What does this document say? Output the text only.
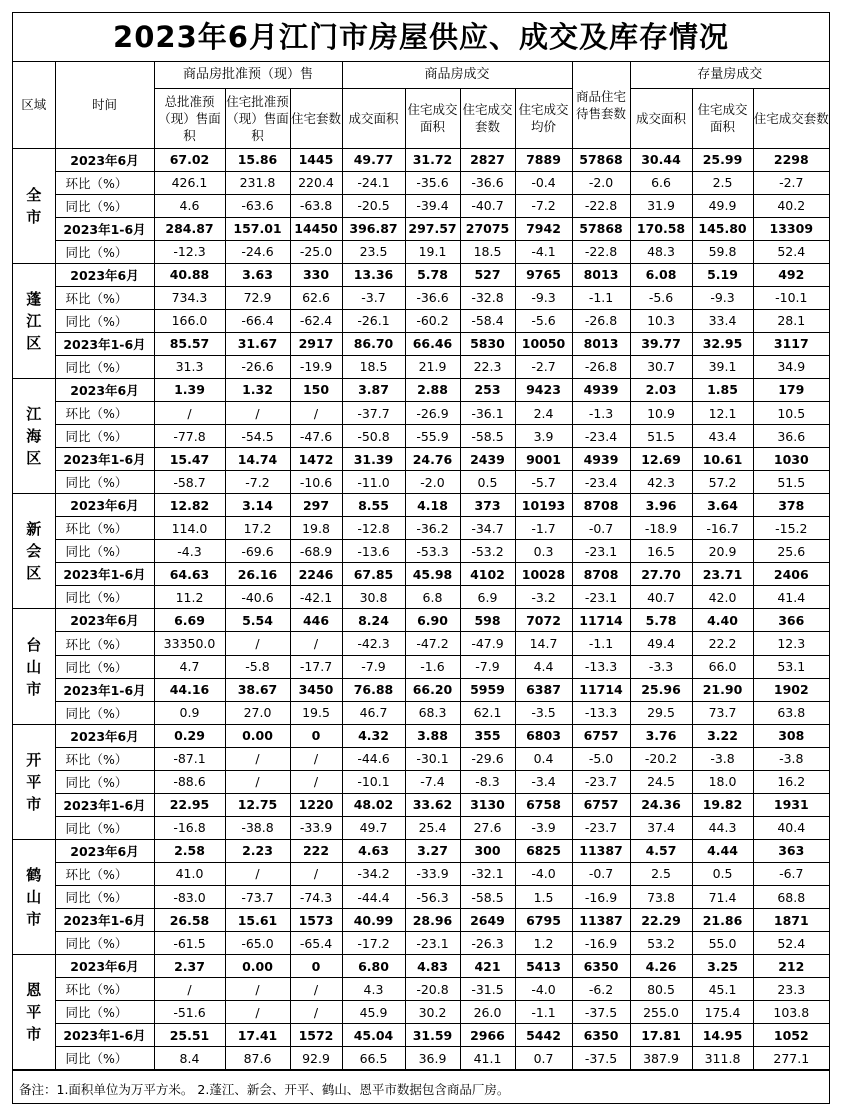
2023年6月江门市房屋供应、成交及库存情况
区域	时间	商品房批准预（现）售			商品房成交				商品住宅待售套数	存量房成交		
		总批准预（现）售面积	住宅批准预（现）售面积	住宅套数	成交面积	住宅成交面积	住宅成交套数	住宅成交均价		成交面积	住宅成交面积	住宅成交套数

全
市	2023年6月	67.02	15.86	1445	49.77	31.72	2827	7889	57868	30.44	25.99	2298
	环比（%）	426.1	231.8	220.4	-24.1	-35.6	-36.6	-0.4	-2.0	6.6	2.5	-2.7
	同比（%）	4.6	-63.6	-63.8	-20.5	-39.4	-40.7	-7.2	-22.8	31.9	49.9	40.2
	2023年1-6月	284.87	157.01	14450	396.87	297.57	27075	7942	57868	170.58	145.80	13309
	同比（%）	-12.3	-24.6	-25.0	23.5	19.1	18.5	-4.1	-22.8	48.3	59.8	52.4

蓬
江
区	2023年6月	40.88	3.63	330	13.36	5.78	527	9765	8013	6.08	5.19	492
	环比（%）	734.3	72.9	62.6	-3.7	-36.6	-32.8	-9.3	-1.1	-5.6	-9.3	-10.1
	同比（%）	166.0	-66.4	-62.4	-26.1	-60.2	-58.4	-5.6	-26.8	10.3	33.4	28.1
	2023年1-6月	85.57	31.67	2917	86.70	66.46	5830	10050	8013	39.77	32.95	3117
	同比（%）	31.3	-26.6	-19.9	18.5	21.9	22.3	-2.7	-26.8	30.7	39.1	34.9

江
海
区	2023年6月	1.39	1.32	150	3.87	2.88	253	9423	4939	2.03	1.85	179
	环比（%）	/	/	/	-37.7	-26.9	-36.1	2.4	-1.3	10.9	12.1	10.5
	同比（%）	-77.8	-54.5	-47.6	-50.8	-55.9	-58.5	3.9	-23.4	51.5	43.4	36.6
	2023年1-6月	15.47	14.74	1472	31.39	24.76	2439	9001	4939	12.69	10.61	1030
	同比（%）	-58.7	-7.2	-10.6	-11.0	-2.0	0.5	-5.7	-23.4	42.3	57.2	51.5

新
会
区	2023年6月	12.82	3.14	297	8.55	4.18	373	10193	8708	3.96	3.64	378
	环比（%）	114.0	17.2	19.8	-12.8	-36.2	-34.7	-1.7	-0.7	-18.9	-16.7	-15.2
	同比（%）	-4.3	-69.6	-68.9	-13.6	-53.3	-53.2	0.3	-23.1	16.5	20.9	25.6
	2023年1-6月	64.63	26.16	2246	67.85	45.98	4102	10028	8708	27.70	23.71	2406
	同比（%）	11.2	-40.6	-42.1	30.8	6.8	6.9	-3.2	-23.1	40.7	42.0	41.4

台
山
市	2023年6月	6.69	5.54	446	8.24	6.90	598	7072	11714	5.78	4.40	366
	环比（%）	33350.0	/	/	-42.3	-47.2	-47.9	14.7	-1.1	49.4	22.2	12.3
	同比（%）	4.7	-5.8	-17.7	-7.9	-1.6	-7.9	4.4	-13.3	-3.3	66.0	53.1
	2023年1-6月	44.16	38.67	3450	76.88	66.20	5959	6387	11714	25.96	21.90	1902
	同比（%）	0.9	27.0	19.5	46.7	68.3	62.1	-3.5	-13.3	29.5	73.7	63.8

开
平
市	2023年6月	0.29	0.00	0	4.32	3.88	355	6803	6757	3.76	3.22	308
	环比（%）	-87.1	/	/	-44.6	-30.1	-29.6	0.4	-5.0	-20.2	-3.8	-3.8
	同比（%）	-88.6	/	/	-10.1	-7.4	-8.3	-3.4	-23.7	24.5	18.0	16.2
	2023年1-6月	22.95	12.75	1220	48.02	33.62	3130	6758	6757	24.36	19.82	1931
	同比（%）	-16.8	-38.8	-33.9	49.7	25.4	27.6	-3.9	-23.7	37.4	44.3	40.4

鹤
山
市	2023年6月	2.58	2.23	222	4.63	3.27	300	6825	11387	4.57	4.44	363
	环比（%）	41.0	/	/	-34.2	-33.9	-32.1	-4.0	-0.7	2.5	0.5	-6.7
	同比（%）	-83.0	-73.7	-74.3	-44.4	-56.3	-58.5	1.5	-16.9	73.8	71.4	68.8
	2023年1-6月	26.58	15.61	1573	40.99	28.96	2649	6795	11387	22.29	21.86	1871
	同比（%）	-61.5	-65.0	-65.4	-17.2	-23.1	-26.3	1.2	-16.9	53.2	55.0	52.4

恩
平
市	2023年6月	2.37	0.00	0	6.80	4.83	421	5413	6350	4.26	3.25	212
	环比（%）	/	/	/	4.3	-20.8	-31.5	-4.0	-6.2	80.5	45.1	23.3
	同比（%）	-51.6	/	/	45.9	30.2	26.0	-1.1	-37.5	255.0	175.4	103.8
	2023年1-6月	25.51	17.41	1572	45.04	31.59	2966	5442	6350	17.81	14.95	1052
	同比（%）	8.4	87.6	92.9	66.5	36.9	41.1	0.7	-37.5	387.9	311.8	277.1
备注：1.面积单位为万平方米。 2.蓬江、新会、开平、鹤山、恩平市数据包含商品厂房。
